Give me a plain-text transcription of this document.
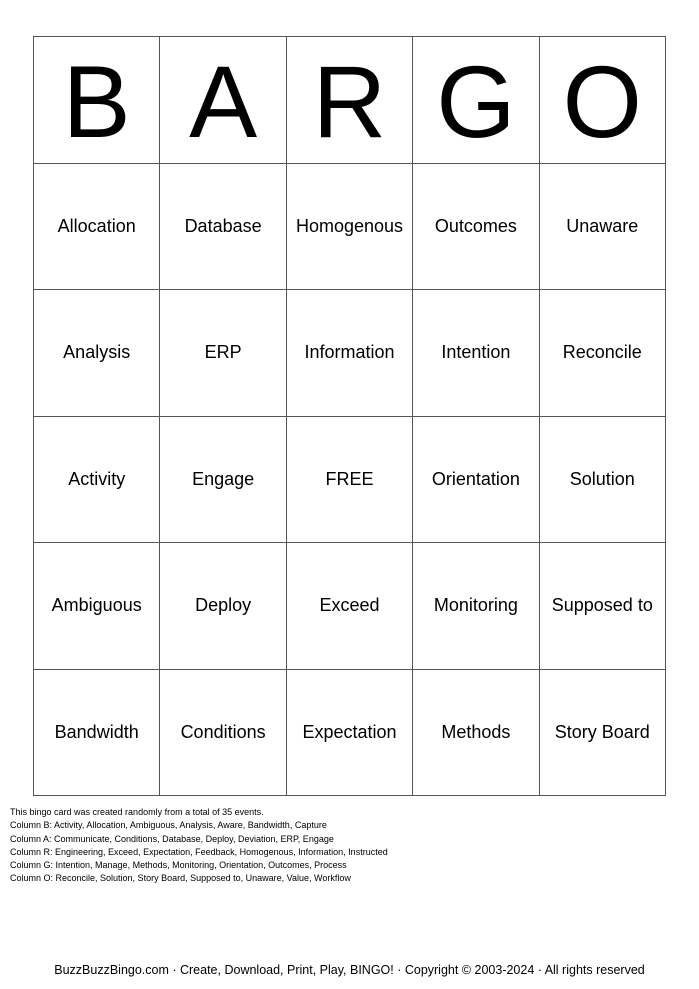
B A R G O
Allocation	Database	Homogenous	Outcomes	Unaware
Analysis	ERP	Information	Intention	Reconcile
Activity	Engage	FREE	Orientation	Solution
Ambiguous	Deploy	Exceed	Monitoring	Supposed to
Bandwidth	Conditions	Expectation	Methods	Story Board
This bingo card was created randomly from a total of 35 events.
Column B: Activity, Allocation, Ambiguous, Analysis, Aware, Bandwidth, Capture
Column A: Communicate, Conditions, Database, Deploy, Deviation, ERP, Engage
Column R: Engineering, Exceed, Expectation, Feedback, Homogenous, Information, Instructed
Column G: Intention, Manage, Methods, Monitoring, Orientation, Outcomes, Process
Column O: Reconcile, Solution, Story Board, Supposed to, Unaware, Value, Workflow
BuzzBuzzBingo.com · Create, Download, Print, Play, BINGO! · Copyright © 2003-2024 · All rights reserved
